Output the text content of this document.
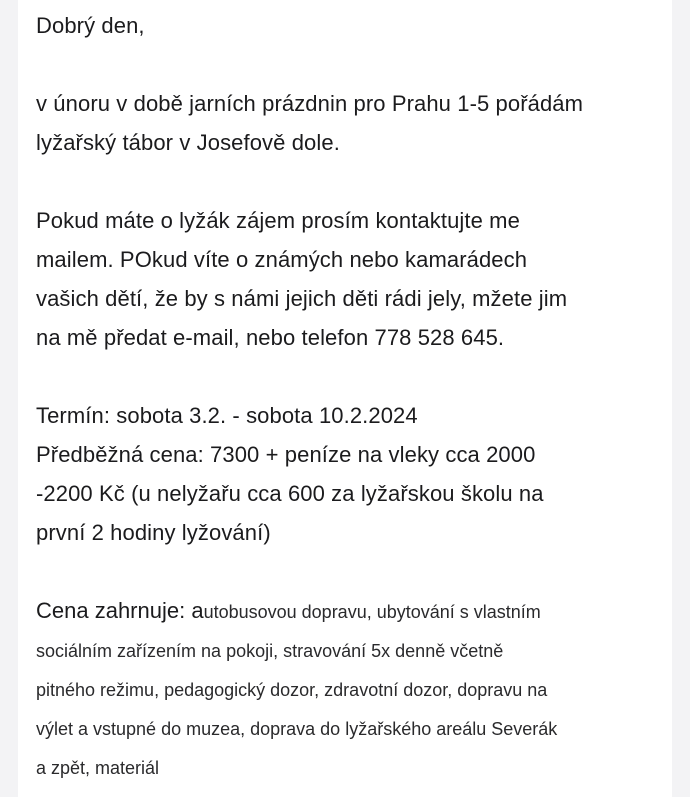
Dobrý den,
v únoru v době jarních prázdnin pro Prahu 1-5 pořádám
lyžařský tábor v Josefově dole.
Pokud máte o lyžák zájem prosím kontaktujte me
mailem. POkud víte o známých nebo kamarádech
vašich dětí, že by s námi jejich děti rádi jely, mžete jim
na mě předat e-mail, nebo telefon 778 528 645.
Termín: sobota 3.2. - sobota 10.2.2024
Předběžná cena: 7300 + peníze na vleky cca 2000
-2200 Kč (u nelyžařu cca 600 za lyžařskou školu na
první 2 hodiny lyžování)
Cena zahrnuje: autobusovou dopravu, ubytování s vlastním
sociálním zařízením na pokoji, stravování 5x denně včetně
pitného režimu, pedagogický dozor, zdravotní dozor, dopravu na
výlet a vstupné do muzea, doprava do lyžařského areálu Severák
a zpět, materiál
